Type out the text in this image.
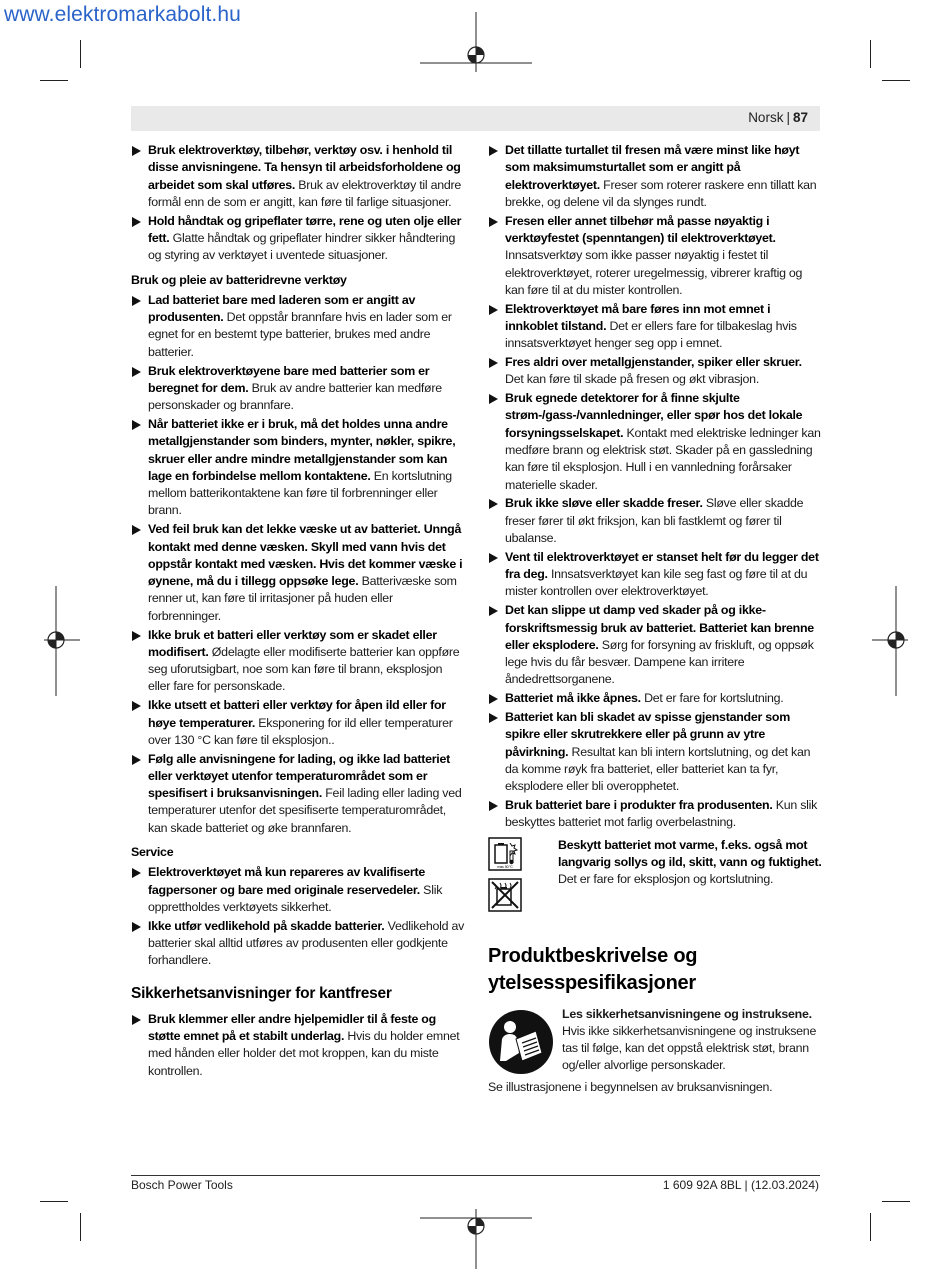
www.elektromarkabolt.hu
Norsk | 87
Bruk elektroverktøy, tilbehør, verktøy osv. i henhold til disse anvisningene. Ta hensyn til arbeidsforholdene og arbeidet som skal utføres. Bruk av elektroverktøy til andre formål enn de som er angitt, kan føre til farlige situasjoner.
Hold håndtak og gripeflater tørre, rene og uten olje eller fett. Glatte håndtak og gripeflater hindrer sikker håndtering og styring av verktøyet i uventede situasjoner.
Bruk og pleie av batteridrevne verktøy
Lad batteriet bare med laderen som er angitt av produsenten. Det oppstår brannfare hvis en lader som er egnet for en bestemt type batterier, brukes med andre batterier.
Bruk elektroverktøyene bare med batterier som er beregnet for dem. Bruk av andre batterier kan medføre personskader og brannfare.
Når batteriet ikke er i bruk, må det holdes unna andre metallgjenstander som binders, mynter, nøkler, spikre, skruer eller andre mindre metallgjenstander som kan lage en forbindelse mellom kontaktene. En kortslutning mellom batterikontaktene kan føre til forbrenninger eller brann.
Ved feil bruk kan det lekke væske ut av batteriet. Unngå kontakt med denne væsken. Skyll med vann hvis det oppstår kontakt med væsken. Hvis det kommer væske i øynene, må du i tillegg oppsøke lege. Batterivæske som renner ut, kan føre til irritasjoner på huden eller forbrenninger.
Ikke bruk et batteri eller verktøy som er skadet eller modifisert. Ødelagte eller modifiserte batterier kan oppføre seg uforutsigbart, noe som kan føre til brann, eksplosjon eller fare for personskade.
Ikke utsett et batteri eller verktøy for åpen ild eller for høye temperaturer. Eksponering for ild eller temperaturer over 130 °C kan føre til eksplosjon..
Følg alle anvisningene for lading, og ikke lad batteriet eller verktøyet utenfor temperaturområdet som er spesifisert i bruksanvisningen. Feil lading eller lading ved temperaturer utenfor det spesifiserte temperaturområdet, kan skade batteriet og øke brannfaren.
Service
Elektroverktøyet må kun repareres av kvalifiserte fagpersoner og bare med originale reservedeler. Slik opprettholdes verktøyets sikkerhet.
Ikke utfør vedlikehold på skadde batterier. Vedlikehold av batterier skal alltid utføres av produsenten eller godkjente forhandlere.
Sikkerhetsanvisninger for kantfreser
Bruk klemmer eller andre hjelpemidler til å feste og støtte emnet på et stabilt underlag. Hvis du holder emnet med hånden eller holder det mot kroppen, kan du miste kontrollen.
Det tillatte turtallet til fresen må være minst like høyt som maksimumsturtallet som er angitt på elektroverktøyet. Freser som roterer raskere enn tillatt kan brekke, og delene vil da slynges rundt.
Fresen eller annet tilbehør må passe nøyaktig i verktøyfestet (spenntangen) til elektroverktøyet. Innsatsverktøy som ikke passer nøyaktig i festet til elektroverktøyet, roterer uregelmessig, vibrerer kraftig og kan føre til at du mister kontrollen.
Elektroverktøyet må bare føres inn mot emnet i innkoblet tilstand. Det er ellers fare for tilbakeslag hvis innsatsverktøyet henger seg opp i emnet.
Fres aldri over metallgjenstander, spiker eller skruer. Det kan føre til skade på fresen og økt vibrasjon.
Bruk egnede detektorer for å finne skjulte strøm-/gass-/vannledninger, eller spør hos det lokale forsyningsselskapet. Kontakt med elektriske ledninger kan medføre brann og elektrisk støt. Skader på en gassledning kan føre til eksplosjon. Hull i en vannledning forårsaker materielle skader.
Bruk ikke sløve eller skadde freser. Sløve eller skadde freser fører til økt friksjon, kan bli fastklemt og fører til ubalanse.
Vent til elektroverktøyet er stanset helt før du legger det fra deg. Innsatsverktøyet kan kile seg fast og føre til at du mister kontrollen over elektroverktøyet.
Det kan slippe ut damp ved skader på og ikke-forskriftsmessig bruk av batteriet. Batteriet kan brenne eller eksplodere. Sørg for forsyning av friskluft, og oppsøk lege hvis du får besvær. Dampene kan irritere åndedrettsorganene.
Batteriet må ikke åpnes. Det er fare for kortslutning.
Batteriet kan bli skadet av spisse gjenstander som spikre eller skrutrekkere eller på grunn av ytre påvirkning. Resultat kan bli intern kortslutning, og det kan da komme røyk fra batteriet, eller batteriet kan ta fyr, eksplodere eller bli overopphetet.
Bruk batteriet bare i produkter fra produsenten. Kun slik beskyttes batteriet mot farlig overbelastning.
max. 50 °C
Beskytt batteriet mot varme, f.eks. også mot langvarig sollys og ild, skitt, vann og fuktighet. Det er fare for eksplosjon og kortslutning.
Produktbeskrivelse og ytelsesspesifikasjoner
Les sikkerhetsanvisningene og instruksene. Hvis ikke sikkerhetsanvisningene og instruksene tas til følge, kan det oppstå elektrisk støt, brann og/eller alvorlige personskader.
Se illustrasjonene i begynnelsen av bruksanvisningen.
Bosch Power Tools	1 609 92A 8BL | (12.03.2024)
